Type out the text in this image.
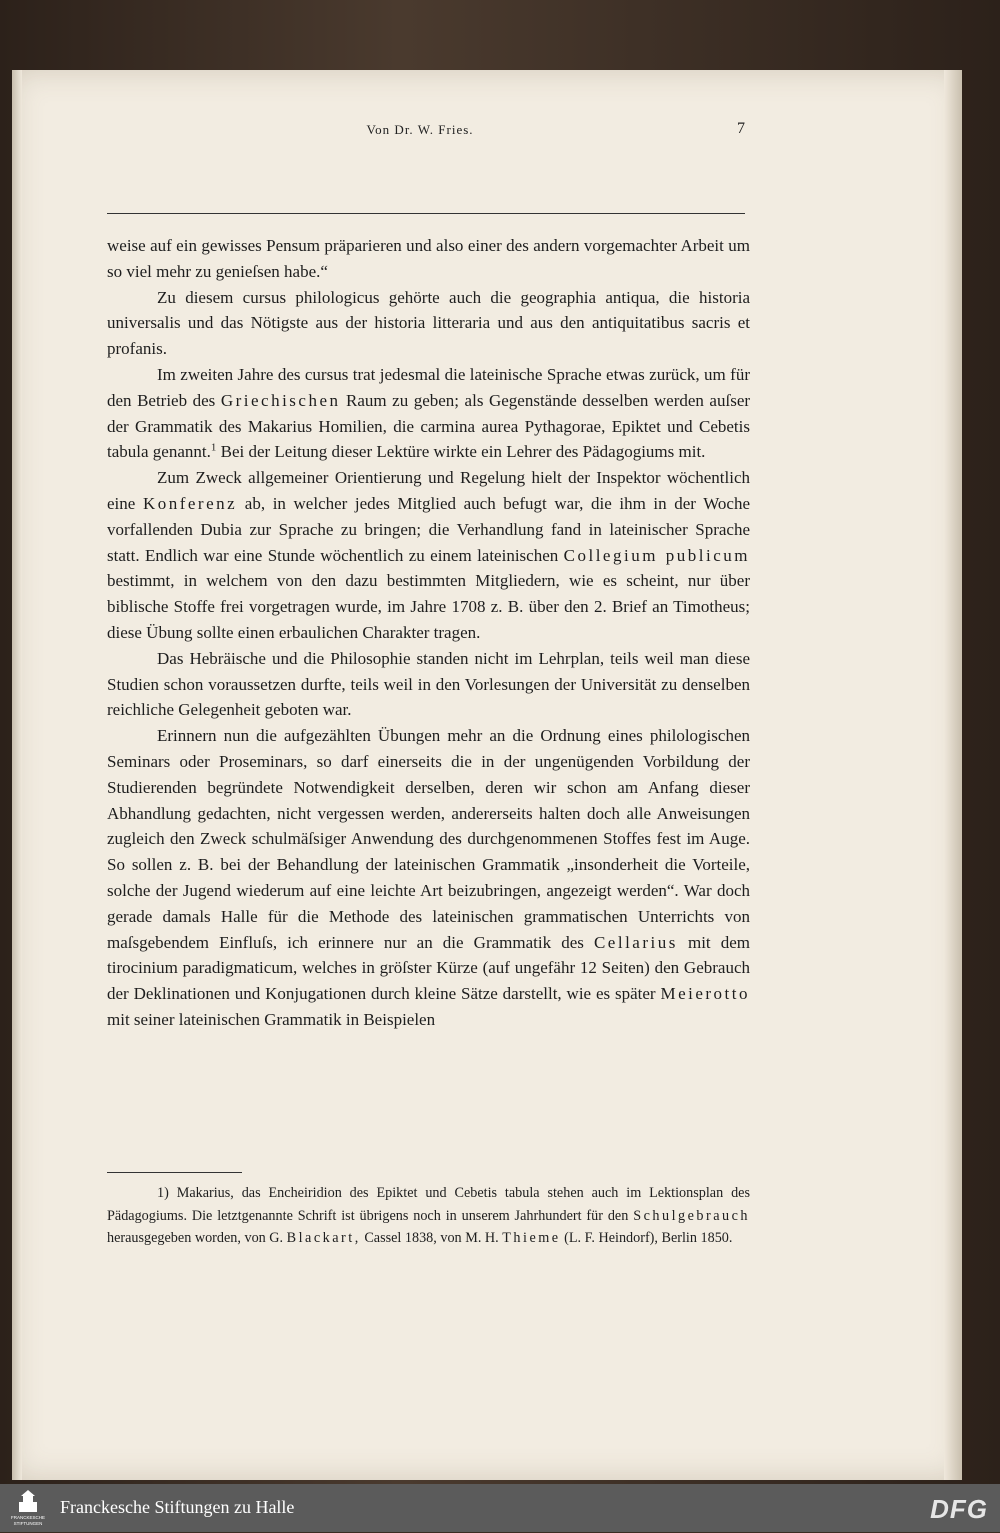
Von Dr. W. Fries.	7

weise auf ein gewisses Pensum präparieren und also einer des andern vorgemachter Arbeit um so viel mehr zu genieſsen habe.“

Zu diesem cursus philologicus gehörte auch die geographia antiqua, die historia universalis und das Nötigste aus der historia litteraria und aus den antiquitatibus sacris et profanis.

Im zweiten Jahre des cursus trat jedesmal die lateinische Sprache etwas zurück, um für den Betrieb des Griechischen Raum zu geben; als Gegenstände desselben werden auſser der Grammatik des Makarius Homilien, die carmina aurea Pythagorae, Epiktet und Cebetis tabula genannt.$^1$ Bei der Leitung dieser Lektüre wirkte ein Lehrer des Pädagogiums mit.

Zum Zweck allgemeiner Orientierung und Regelung hielt der Inspektor wöchentlich eine Konferenz ab, in welcher jedes Mitglied auch befugt war, die ihm in der Woche vorfallenden Dubia zur Sprache zu bringen; die Verhandlung fand in lateinischer Sprache statt. Endlich war eine Stunde wöchentlich zu einem lateinischen Collegium publicum bestimmt, in welchem von den dazu bestimmten Mitgliedern, wie es scheint, nur über biblische Stoffe frei vorgetragen wurde, im Jahre 1708 z. B. über den 2. Brief an Timotheus; diese Übung sollte einen erbaulichen Charakter tragen.

Das Hebräische und die Philosophie standen nicht im Lehrplan, teils weil man diese Studien schon voraussetzen durfte, teils weil in den Vorlesungen der Universität zu denselben reichliche Gelegenheit geboten war.

Erinnern nun die aufgezählten Übungen mehr an die Ordnung eines philologischen Seminars oder Proseminars, so darf einerseits die in der ungenügenden Vorbildung der Studierenden begründete Notwendigkeit derselben, deren wir schon am Anfang dieser Abhandlung gedachten, nicht vergessen werden, andererseits halten doch alle Anweisungen zugleich den Zweck schulmäſsiger Anwendung des durchgenommenen Stoffes fest im Auge. So sollen z. B. bei der Behandlung der lateinischen Grammatik „insonderheit die Vorteile, solche der Jugend wiederum auf eine leichte Art beizubringen, angezeigt werden“. War doch gerade damals Halle für die Methode des lateinischen grammatischen Unterrichts von maſsgebendem Einfluſs, ich erinnere nur an die Grammatik des Cellarius mit dem tirocinium paradigmaticum, welches in gröſster Kürze (auf ungefähr 12 Seiten) den Gebrauch der Deklinationen und Konjugationen durch kleine Sätze darstellt, wie es später Meierotto mit seiner lateinischen Grammatik in Beispielen

1) Makarius, das Encheiridion des Epiktet und Cebetis tabula stehen auch im Lektionsplan des Pädagogiums. Die letztgenannte Schrift ist übrigens noch in unserem Jahrhundert für den Schulgebrauch herausgegeben worden, von G. Blackart, Cassel 1838, von M. H. Thieme (L. F. Heindorf), Berlin 1850.

FRANCKESCHE
STIFTUNGEN
Franckesche Stiftungen zu Halle	DFG
